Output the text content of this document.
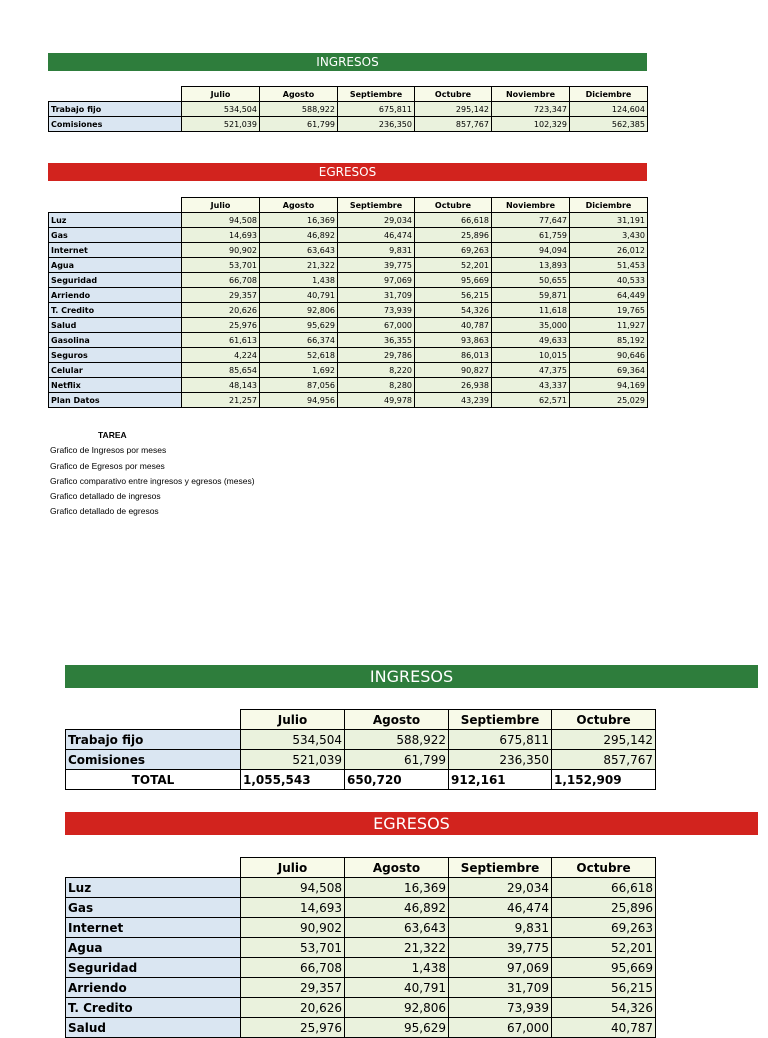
INGRESOS
	Julio	Agosto	Septiembre	Octubre	Noviembre	Diciembre
Trabajo fijo	534,504	588,922	675,811	295,142	723,347	124,604
Comisiones	521,039	61,799	236,350	857,767	102,329	562,385
EGRESOS
	Julio	Agosto	Septiembre	Octubre	Noviembre	Diciembre
Luz	94,508	16,369	29,034	66,618	77,647	31,191
Gas	14,693	46,892	46,474	25,896	61,759	3,430
Internet	90,902	63,643	9,831	69,263	94,094	26,012
Agua	53,701	21,322	39,775	52,201	13,893	51,453
Seguridad	66,708	1,438	97,069	95,669	50,655	40,533
Arriendo	29,357	40,791	31,709	56,215	59,871	64,449
T. Credito	20,626	92,806	73,939	54,326	11,618	19,765
Salud	25,976	95,629	67,000	40,787	35,000	11,927
Gasolina	61,613	66,374	36,355	93,863	49,633	85,192
Seguros	4,224	52,618	29,786	86,013	10,015	90,646
Celular	85,654	1,692	8,220	90,827	47,375	69,364
Netflix	48,143	87,056	8,280	26,938	43,337	94,169
Plan Datos	21,257	94,956	49,978	43,239	62,571	25,029
TAREA
Grafico de Ingresos por meses
Grafico de Egresos por meses
Grafico comparativo entre ingresos y egresos (meses)
Grafico detallado de ingresos
Grafico detallado de egresos
INGRESOS
	Julio	Agosto	Septiembre	Octubre
Trabajo fijo	534,504	588,922	675,811	295,142
Comisiones	521,039	61,799	236,350	857,767
TOTAL	1,055,543	650,720	912,161	1,152,909
EGRESOS
	Julio	Agosto	Septiembre	Octubre
Luz	94,508	16,369	29,034	66,618
Gas	14,693	46,892	46,474	25,896
Internet	90,902	63,643	9,831	69,263
Agua	53,701	21,322	39,775	52,201
Seguridad	66,708	1,438	97,069	95,669
Arriendo	29,357	40,791	31,709	56,215
T. Credito	20,626	92,806	73,939	54,326
Salud	25,976	95,629	67,000	40,787
